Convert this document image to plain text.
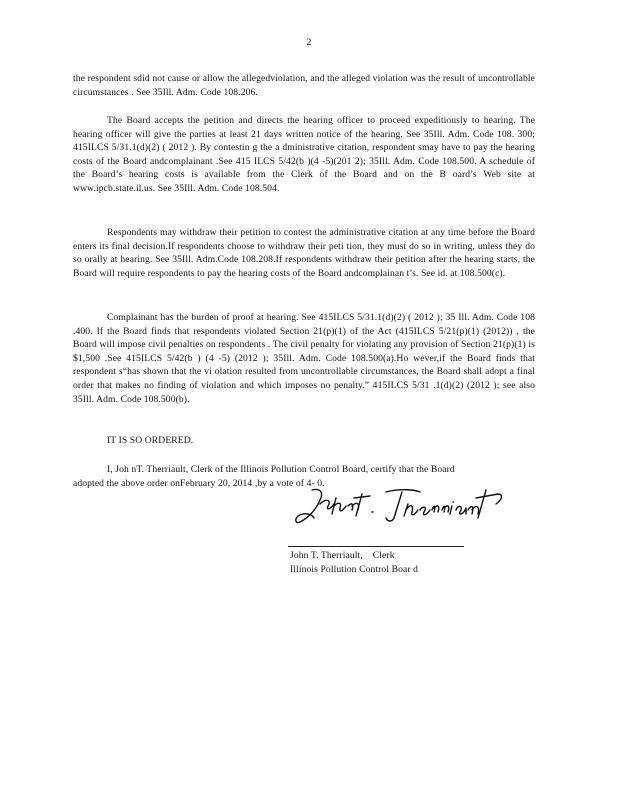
2
the respondent sdid not cause or allow the allegedviolation, and the alleged violation was the result of uncontrollable circumstances . See 35Ill. Adm. Code 108.206.
The Board accepts the petition and directs the hearing officer to proceed expeditiously to hearing. The hearing officer will give the parties at least 21 days written notice of the hearing. See 35Ill. Adm. Code 108. 300; 415ILCS 5/31.1(d)(2) ( 2012 ). By contestin g the a dministrative citation, respondent smay have to pay the hearing costs of the Board andcomplainant .See 415 ILCS 5/42(b )(4 -5)(201 2); 35Ill. Adm. Code 108.500. A schedule of the Board’s hearing costs is available from the Clerk of the Board and on the B oard’s Web site at www.ipcb.state.il.us. See 35Ill. Adm. Code 108.504.
Respondents may withdraw their petition to contest the administrative citation at any time before the Board enters its final decision.If respondents choose to withdraw their peti tion, they must do so in writing, unless they do so orally at hearing. See 35Ill. Adm.Code 108.208.If respondents withdraw their petition after the hearing starts, the Board will require respondents to pay the hearing costs of the Board andcomplainan t’s. See id. at 108.500(c).
Complainant has the burden of proof at hearing. See 415ILCS 5/31.1(d)(2) ( 2012 ); 35 Ill. Adm. Code 108 .400. If the Board finds that respondents violated Section 21(p)(1) of the Act (415ILCS 5/21(p)(1) (2012)) , the Board will impose civil penalties on respondents . The civil penalty for violating any provision of Section 21(p)(1) is $1,500 .See 415ILCS 5/42(b ) (4 -5) (2012 ); 35Ill. Adm. Code 108.500(a).Ho wever,if the Board finds that respondent s“has shown that the vi olation resulted from uncontrollable circumstances, the Board shall adopt a final order that makes no finding of violation and which imposes no penalty.” 415ILCS 5/31 .1(d)(2) (2012 ); see also 35Ill. Adm. Code 108.500(b).
IT IS SO ORDERED.
I, Joh nT. Therriault, Clerk of the Illinois Pollution Control Board, certify that the Board
adopted the above order onFebruary 20, 2014 ,by a vote of 4- 0.
John T. Therriault, Clerk
Illinois Pollution Control Boar d
